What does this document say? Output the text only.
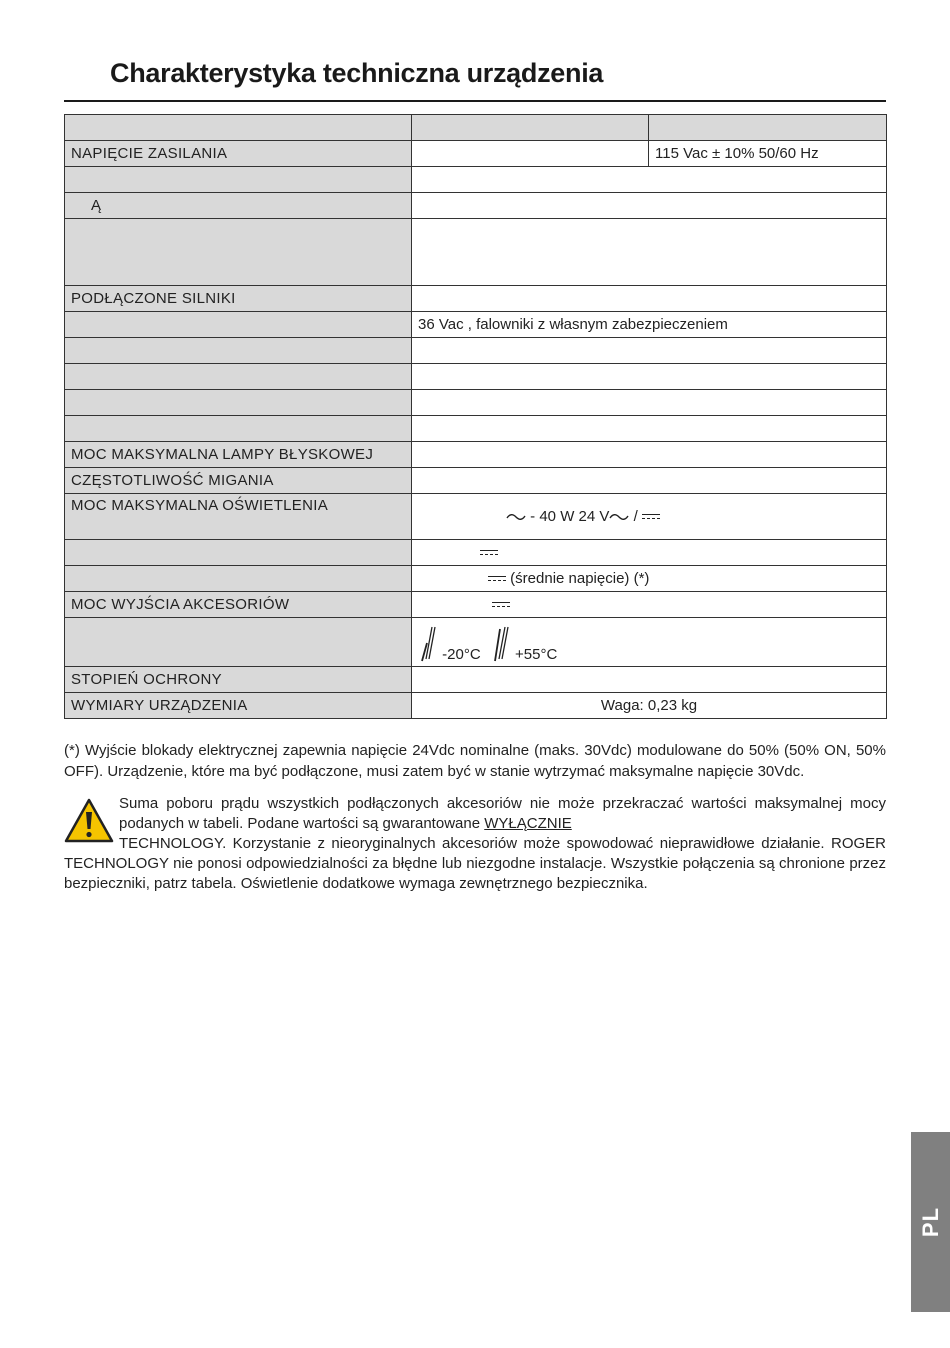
Charakterystyka techniczna urządzenia

NAPIĘCIE ZASILANIA		115 Vac ± 10% 50/60 Hz

Ą		

PODŁĄCZONE SILNIKI		
	36 Vac , falowniki z własnym zabezpieczeniem	

MOC MAKSYMALNA LAMPY BŁYSKOWEJ		
CZĘSTOTLIWOŚĆ MIGANIA		
MOC MAKSYMALNA OŚWIETLENIA	- 40 W 24 V /	

	(średnie napięcie) (*)	
MOC WYJŚCIA AKCESORIÓW		
	-20°C +55°C	
STOPIEŃ OCHRONY		
WYMIARY URZĄDZENIA	Waga: 0,23 kg	
(*) Wyjście blokady elektrycznej zapewnia napięcie 24Vdc nominalne (maks. 30Vdc) modulowane do 50% (50% ON, 50% OFF). Urządzenie, które ma być podłączone, musi zatem być w stanie wytrzymać maksymalne napięcie 30Vdc.
Suma poboru prądu wszystkich podłączonych akcesoriów nie może przekraczać wartości maksymalnej mocy podanych w tabeli. Podane wartości są gwarantowane WYŁĄCZNIE
TECHNOLOGY. Korzystanie z nieoryginalnych akcesoriów może spowodować nieprawidłowe działanie. ROGER TECHNOLOGY nie ponosi odpowiedzialności za błędne lub niezgodne instalacje. Wszystkie połączenia są chronione przez bezpieczniki, patrz tabela. Oświetlenie dodatkowe wymaga zewnętrznego bezpiecznika.
PL
